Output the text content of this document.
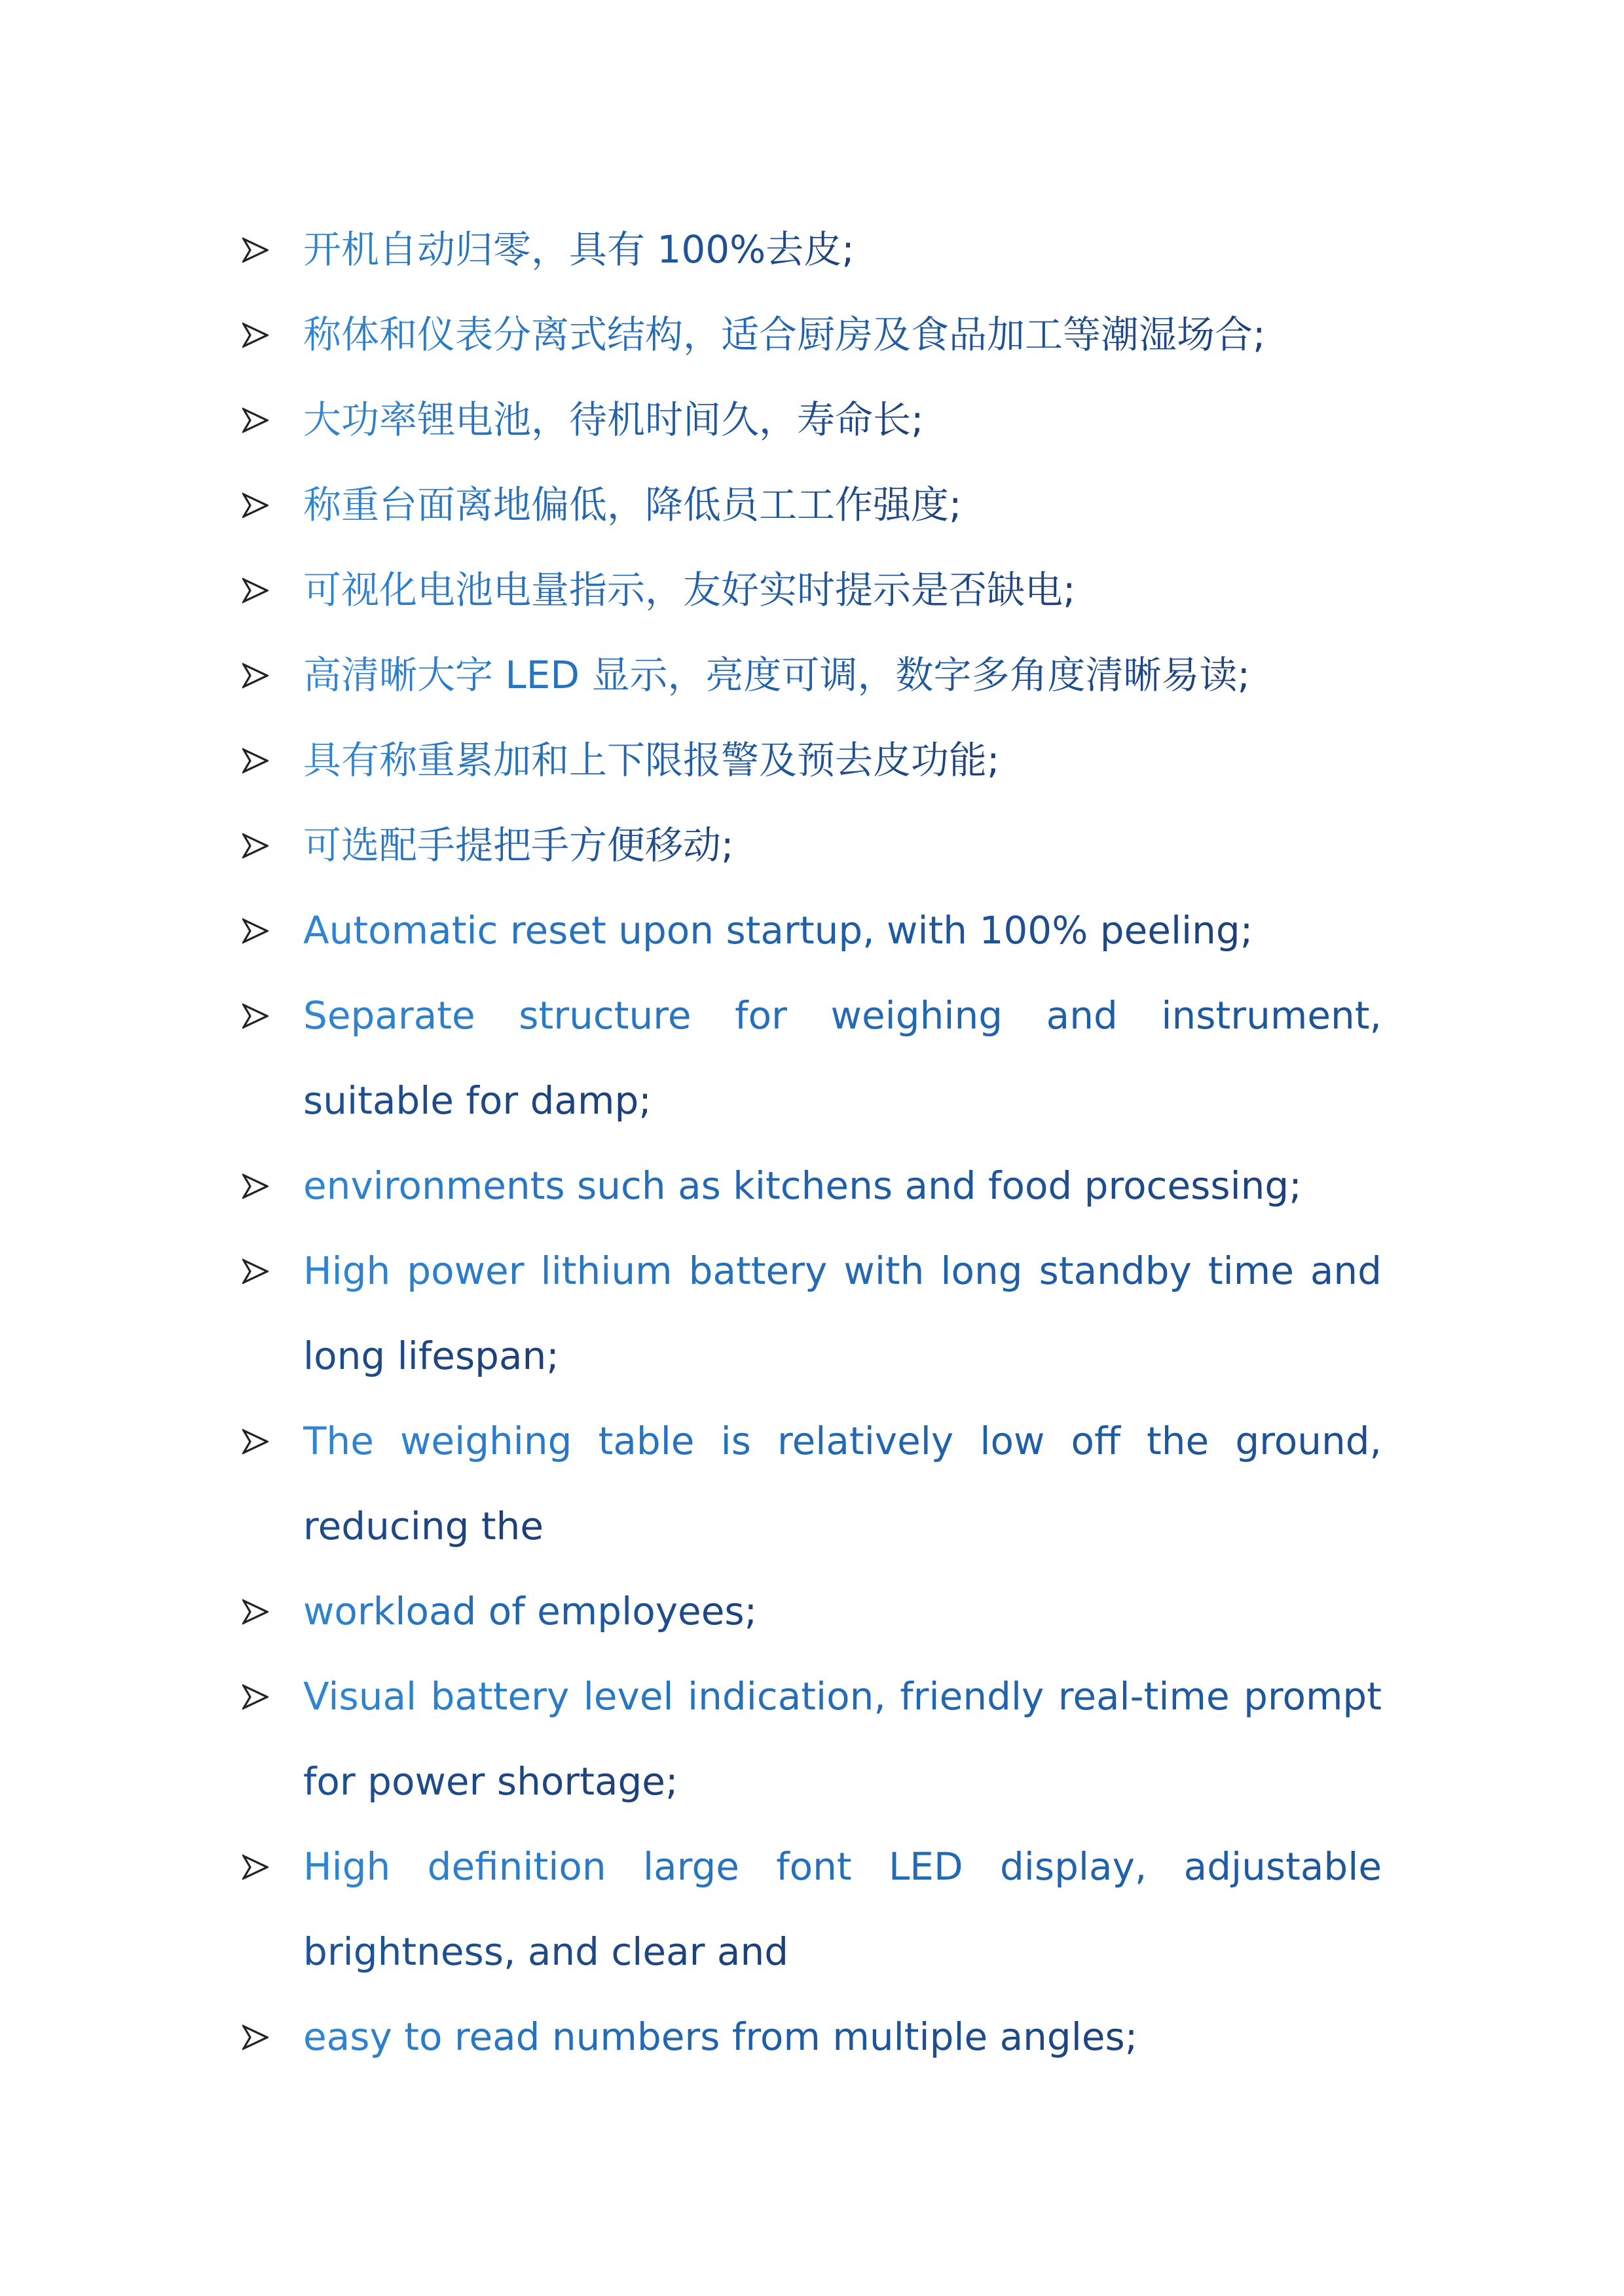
开机自动归零，具有 100%去皮;
称体和仪表分离式结构，适合厨房及食品加工等潮湿场合;
大功率锂电池，待机时间久，寿命长;
称重台面离地偏低，降低员工工作强度;
可视化电池电量指示，友好实时提示是否缺电;
高清晰大字 LED 显示，亮度可调，数字多角度清晰易读;
具有称重累加和上下限报警及预去皮功能;
可选配手提把手方便移动;
Automatic reset upon startup, with 100% peeling;
Separate structure for weighing and instrument, suitable for damp;
environments such as kitchens and food processing;
High power lithium battery with long standby time and long lifespan;
The weighing table is relatively low off the ground, reducing the
workload of employees;
Visual battery level indication, friendly real-time prompt for power shortage;
High definition large font LED display, adjustable brightness, and clear and
easy to read numbers from multiple angles;
